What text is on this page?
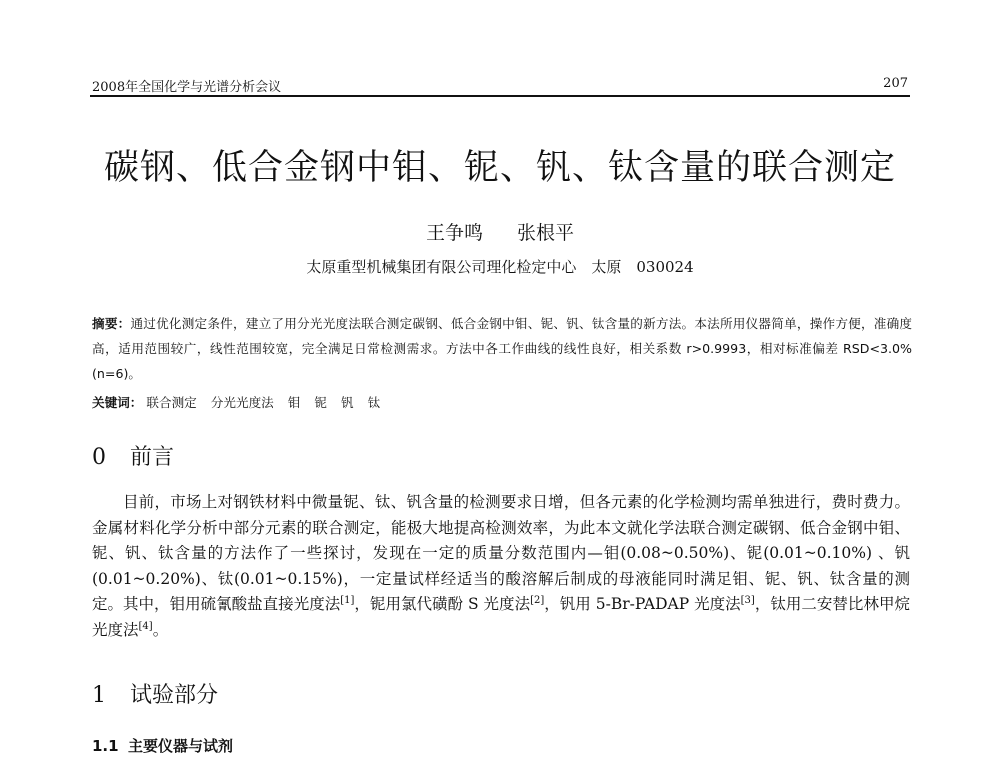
2008年全国化学与光谱分析会议	207
碳钢、低合金钢中钼、铌、钒、钛含量的联合测定
王争鸣 张根平
太原重型机械集团有限公司理化检定中心　太原　030024
摘要：通过优化测定条件，建立了用分光光度法联合测定碳钢、低合金钢中钼、铌、钒、钛含量的新方法。本法所用仪器简单，操作方便，准确度高，适用范围较广，线性范围较宽，完全满足日常检测需求。方法中各工作曲线的线性良好，相关系数 r>0.9993，相对标准偏差 RSD<3.0%(n=6)。
关键词： 联合测定 分光光度法 钼 铌 钒 钛
0 前言

目前，市场上对钢铁材料中微量铌、钛、钒含量的检测要求日增，但各元素的化学检测均需单独进行，费时费力。金属材料化学分析中部分元素的联合测定，能极大地提高检测效率，为此本文就化学法联合测定碳钢、低合金钢中钼、铌、钒、钛含量的方法作了一些探讨，发现在一定的质量分数范围内—钼(0.08~0.50%)、铌(0.01~0.10%) 、钒(0.01~0.20%)、钛(0.01~0.15%)，一定量试样经适当的酸溶解后制成的母液能同时满足钼、铌、钒、钛含量的测定。其中，钼用硫氰酸盐直接光度法[1]，铌用氯代磺酚 S 光度法[2]，钒用 5-Br-PADAP 光度法[3]，钛用二安替比林甲烷光度法[4]。

1 试验部分
1.1 主要仪器与试剂
